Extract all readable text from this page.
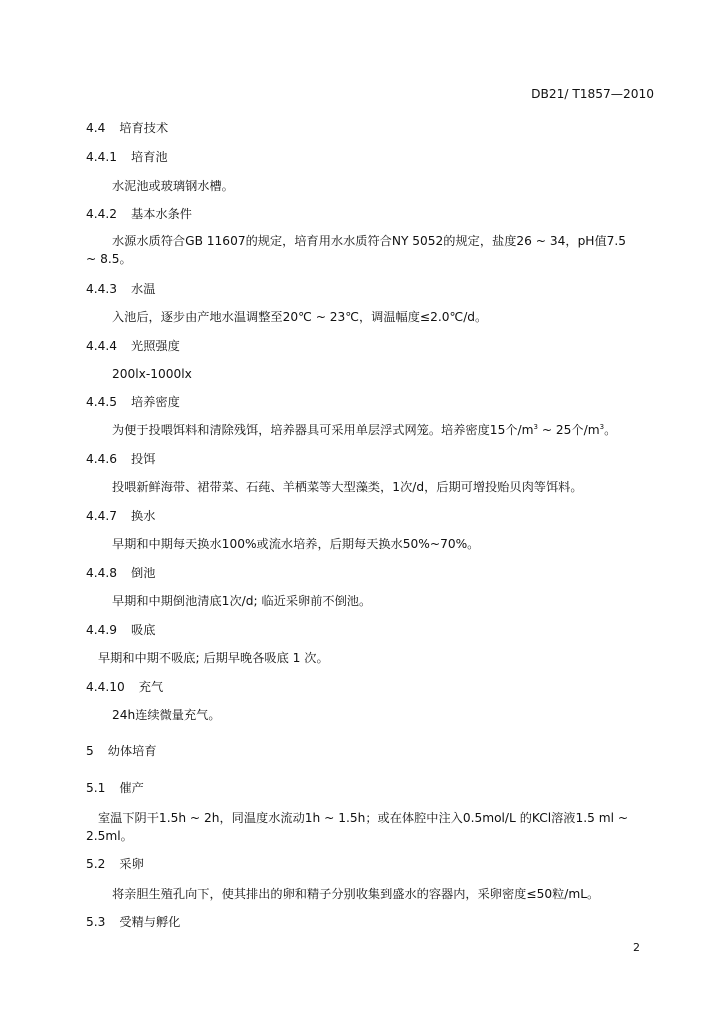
DB21/ T1857—2010
4.4 培育技术
4.4.1 培育池
水泥池或玻璃钢水槽。
4.4.2 基本水条件
水源水质符合GB 11607的规定，培育用水水质符合NY 5052的规定，盐度26 ~ 34，pH值7.5
~ 8.5。
4.4.3 水温
入池后，逐步由产地水温调整至20℃ ~ 23℃，调温幅度≤2.0℃/d。
4.4.4 光照强度
200lx-1000lx
4.4.5 培养密度
为便于投喂饵料和清除残饵，培养器具可采用单层浮式网笼。培养密度15个$/m^3$ ~ 25个$/m^3$。
4.4.6 投饵
投喂新鲜海带、裙带菜、石莼、羊栖菜等大型藻类，1次/d，后期可增投贻贝肉等饵料。
4.4.7 换水
早期和中期每天换水100%或流水培养，后期每天换水50%~70%。
4.4.8 倒池
早期和中期倒池清底1次/d; 临近采卵前不倒池。
4.4.9 吸底
早期和中期不吸底; 后期早晚各吸底 1 次。
4.4.10 充气
24h连续微量充气。
5 幼体培育
5.1 催产
室温下阴干1.5h ~ 2h，同温度水流动1h ~ 1.5h；或在体腔中注入0.5mol/L 的KCl溶液1.5 ml ~
2.5ml。
5.2 采卵
将亲胆生殖孔向下，使其排出的卵和精子分别收集到盛水的容器内，采卵密度≤50粒/mL。
5.3 受精与孵化
2
